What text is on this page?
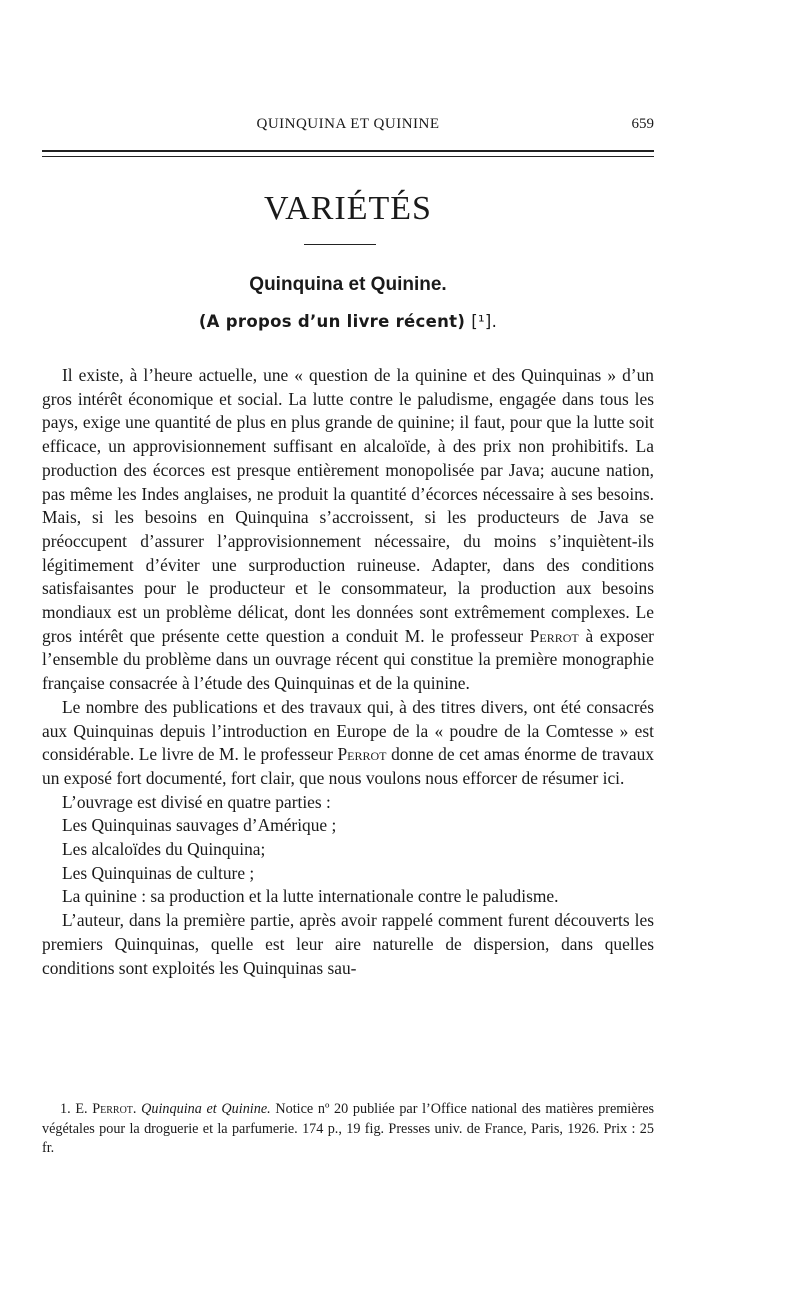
QUINQUINA ET QUININE	659
VARIÉTÉS
Quinquina et Quinine.
(A propos d’un livre récent) [¹].

Il existe, à l’heure actuelle, une « question de la quinine et des Quinquinas » d’un gros intérêt économique et social. La lutte contre le paludisme, engagée dans tous les pays, exige une quantité de plus en plus grande de quinine; il faut, pour que la lutte soit efficace, un approvisionnement suffisant en alcaloïde, à des prix non prohibitifs. La production des écorces est presque entièrement monopolisée par Java; aucune nation, pas même les Indes anglaises, ne produit la quantité d’écorces nécessaire à ses besoins. Mais, si les besoins en Quinquina s’accroissent, si les producteurs de Java se préoccupent d’assurer l’approvisionnement nécessaire, du moins s’inquiètent-ils légitimement d’éviter une surproduction ruineuse. Adapter, dans des conditions satisfaisantes pour le producteur et le consommateur, la production aux besoins mondiaux est un problème délicat, dont les données sont extrêmement complexes. Le gros intérêt que présente cette question a conduit M. le professeur Perrot à exposer l’ensemble du problème dans un ouvrage récent qui constitue la première monographie française consacrée à l’étude des Quinquinas et de la quinine.

Le nombre des publications et des travaux qui, à des titres divers, ont été consacrés aux Quinquinas depuis l’introduction en Europe de la « poudre de la Comtesse » est considérable. Le livre de M. le professeur Perrot donne de cet amas énorme de travaux un exposé fort documenté, fort clair, que nous voulons nous efforcer de résumer ici.

L’ouvrage est divisé en quatre parties :

Les Quinquinas sauvages d’Amérique ;

Les alcaloïdes du Quinquina;

Les Quinquinas de culture ;

La quinine : sa production et la lutte internationale contre le paludisme.

L’auteur, dans la première partie, après avoir rappelé comment furent découverts les premiers Quinquinas, quelle est leur aire naturelle de dispersion, dans quelles conditions sont exploités les Quinquinas sau-

1. E. Perrot. Quinquina et Quinine. Notice nº 20 publiée par l’Office national des matières premières végétales pour la droguerie et la parfumerie. 174 p., 19 fig. Presses univ. de France, Paris, 1926. Prix : 25 fr.
